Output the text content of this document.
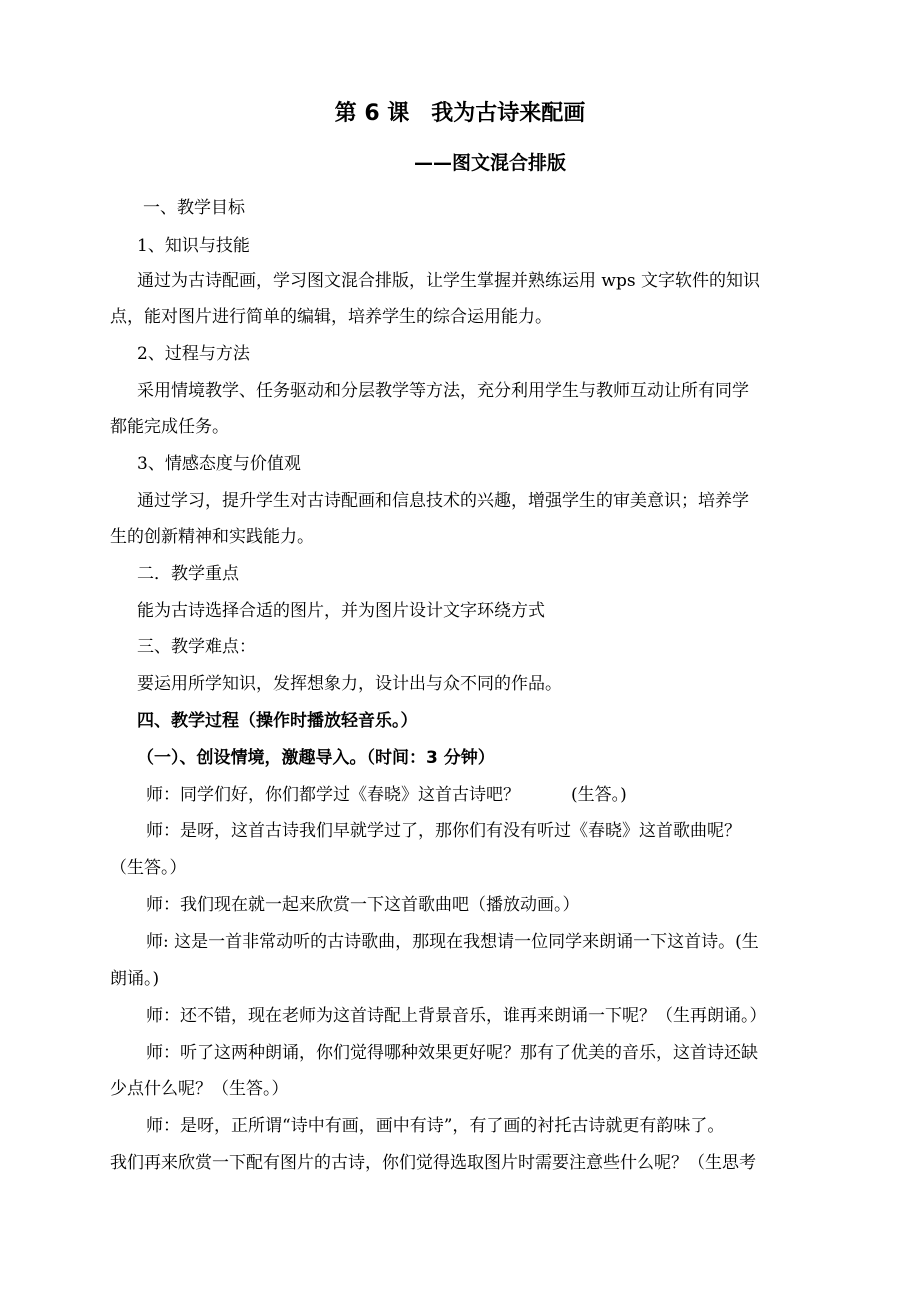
第 6 课　我为古诗来配画
——图文混合排版
一、教学目标
1、知识与技能
通过为古诗配画，学习图文混合排版，让学生掌握并熟练运用 wps 文字软件的知识
点，能对图片进行简单的编辑，培养学生的综合运用能力。
2、过程与方法
采用情境教学、任务驱动和分层教学等方法，充分利用学生与教师互动让所有同学
都能完成任务。
3、情感态度与价值观
通过学习，提升学生对古诗配画和信息技术的兴趣，增强学生的审美意识；培养学
生的创新精神和实践能力。
二．教学重点
能为古诗选择合适的图片，并为图片设计文字环绕方式
三、教学难点：
要运用所学知识，发挥想象力，设计出与众不同的作品。
四、教学过程（操作时播放轻音乐。）
（一）、创设情境，激趣导入。（时间：3 分钟）
师：同学们好，你们都学过《春晓》这首古诗吧？　　　(生答。)
师：是呀，这首古诗我们早就学过了，那你们有没有听过《春晓》这首歌曲呢？
（生答。）
师：我们现在就一起来欣赏一下这首歌曲吧（播放动画。）
师: 这是一首非常动听的古诗歌曲，那现在我想请一位同学来朗诵一下这首诗。(生
朗诵。)
师：还不错，现在老师为这首诗配上背景音乐，谁再来朗诵一下呢？（生再朗诵。）
师：听了这两种朗诵，你们觉得哪种效果更好呢？那有了优美的音乐，这首诗还缺
少点什么呢？（生答。）
师：是呀，正所谓“诗中有画，画中有诗”，有了画的衬托古诗就更有韵味了。
我们再来欣赏一下配有图片的古诗，你们觉得选取图片时需要注意些什么呢？（生思考
